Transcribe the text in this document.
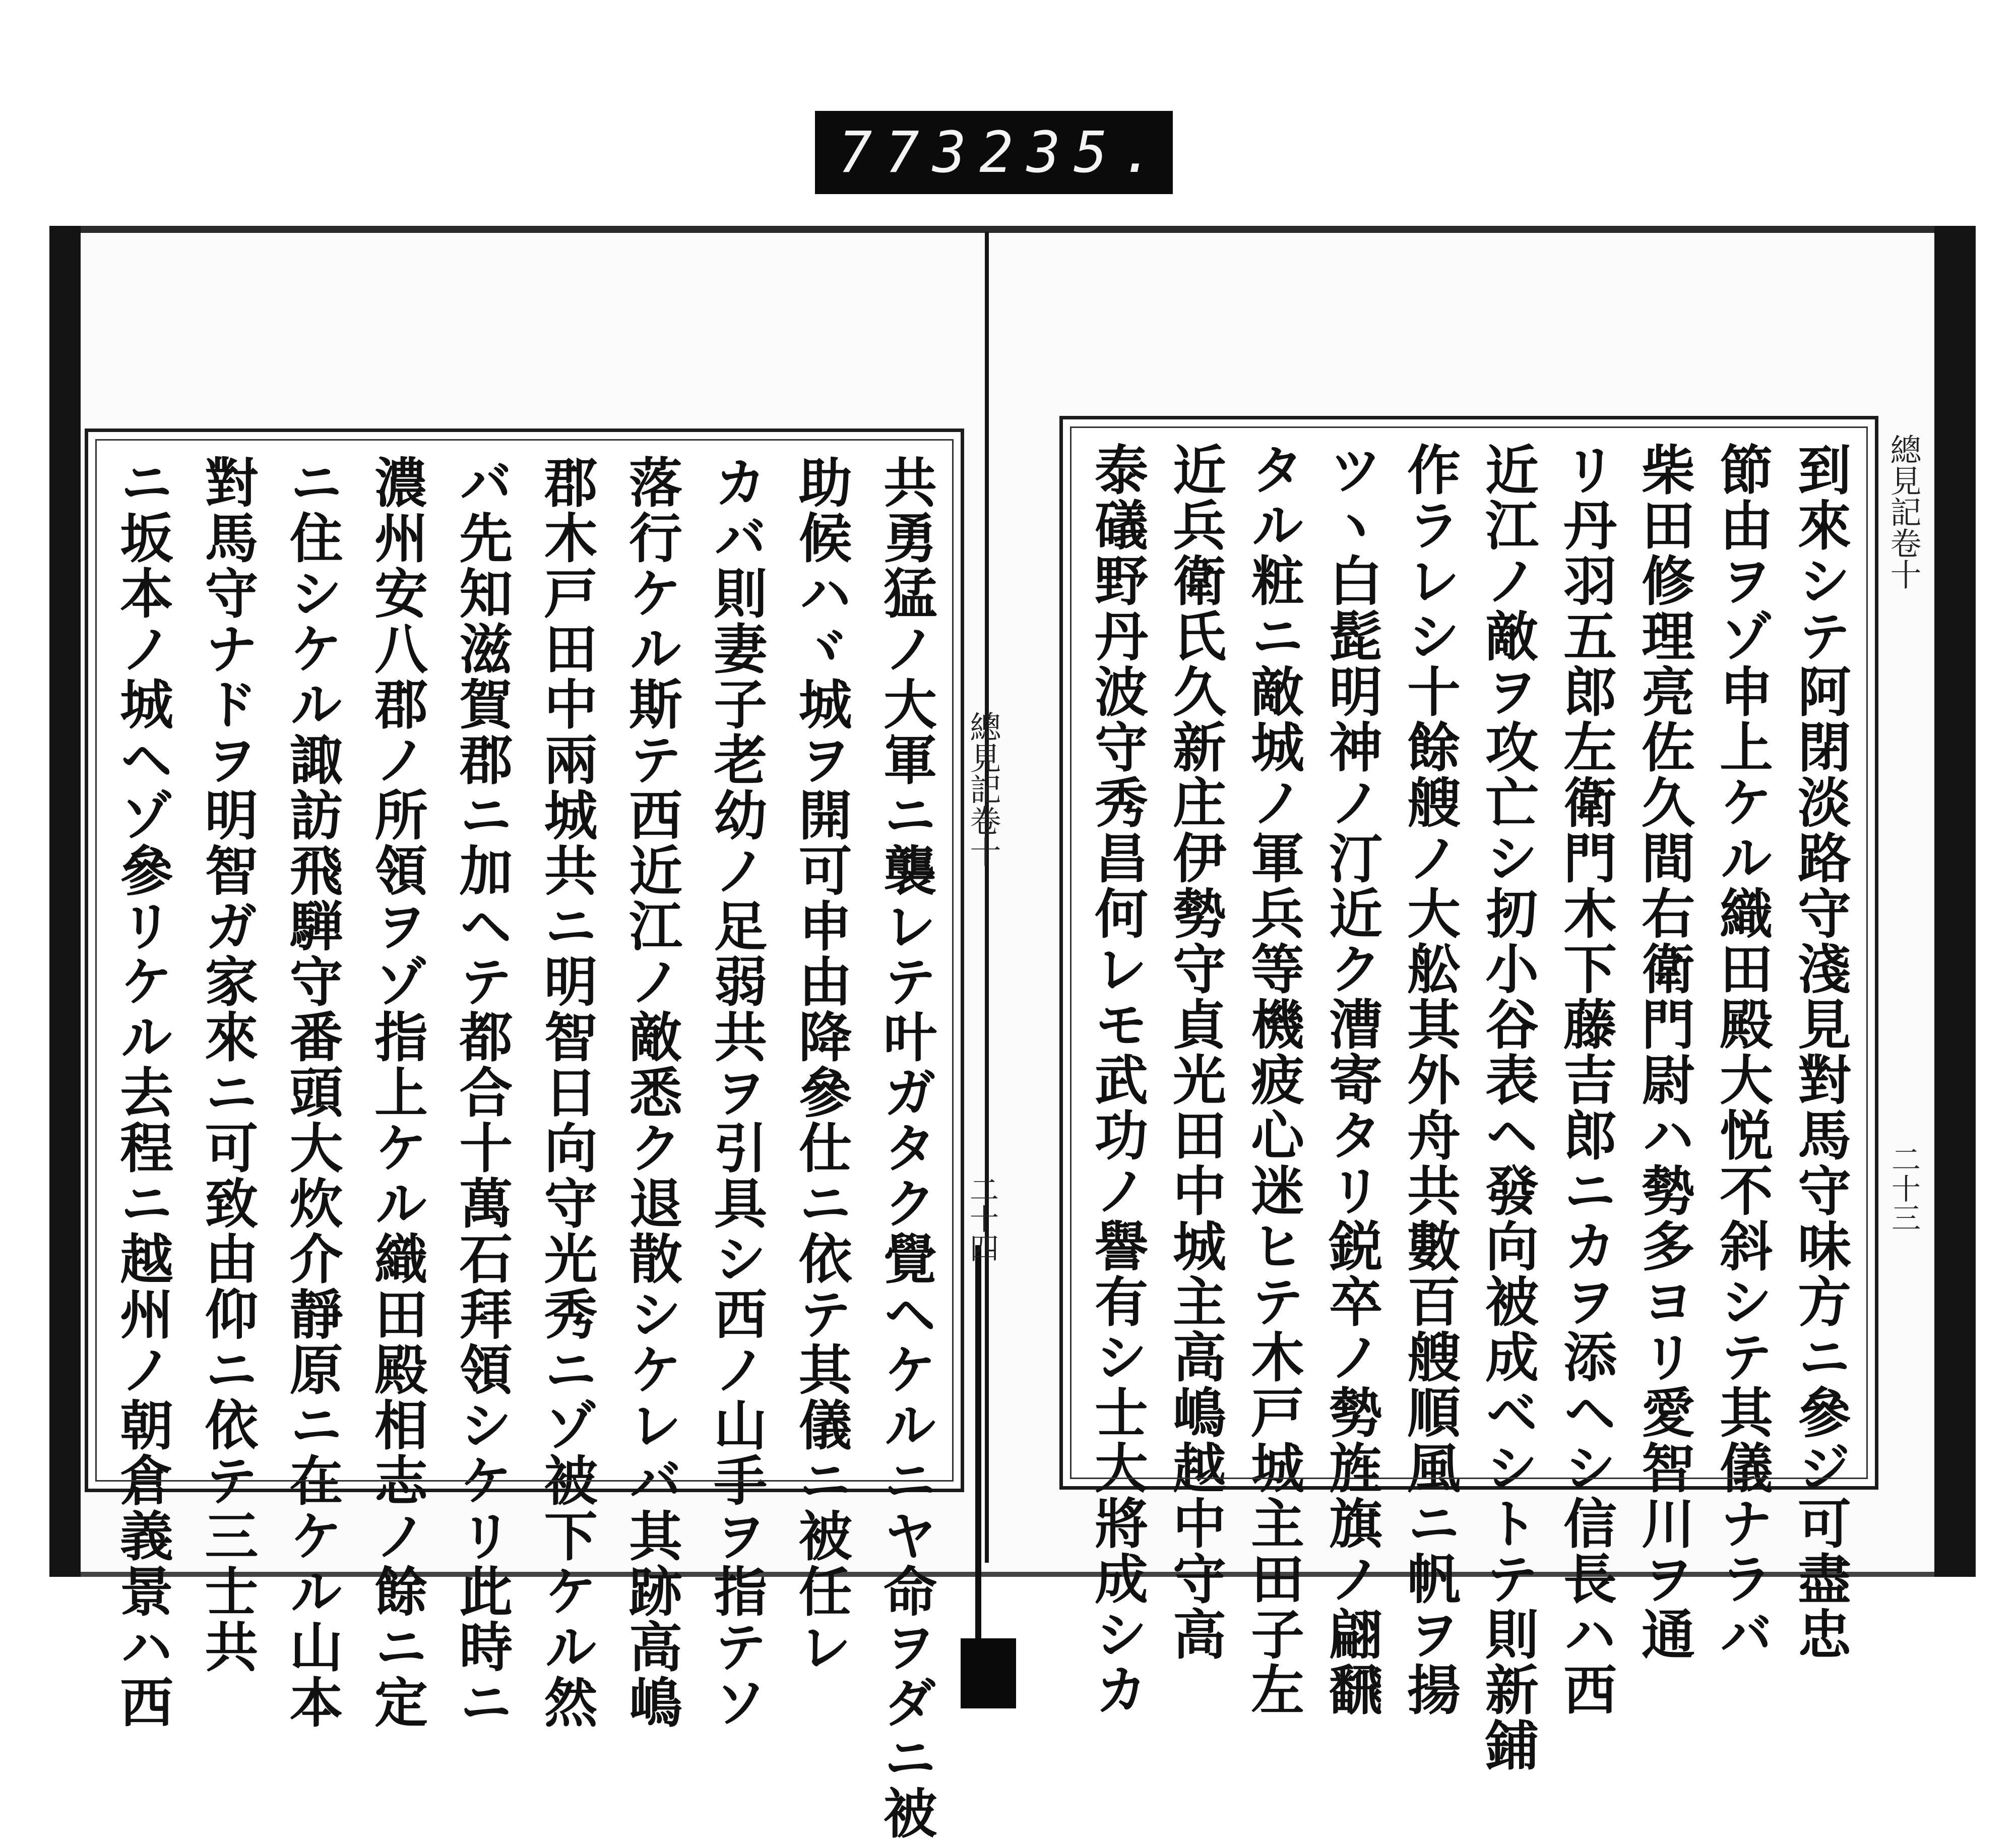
773 235.
共勇猛ノ大軍ニ襲レテ叶ガタク覺ヘケルニヤ命ヲダニ被
助候ハヾ城ヲ開可申由降參仕ニ依テ其儀ニ被任レ
カバ則妻子老幼ノ足弱共ヲ引具シ西ノ山手ヲ指テソ
落行ケル斯テ西近江ノ敵悉ク退散シケレバ其跡高嶋
郡木戸田中兩城共ニ明智日向守光秀ニゾ被下ケル然
バ先知滋賀郡ニ加ヘテ都合十萬石拜領シケリ此時ニ
濃州安八郡ノ所領ヲゾ指上ケル織田殿相志ノ餘ニ定
ニ住シケル諏訪飛騨守番頭大炊介靜原ニ在ケル山本
對馬守ナドヲ明智ガ家來ニ可致由仰ニ依テ三士共
ニ坂本ノ城ヘゾ參リケル去程ニ越州ノ朝倉義景ハ西	到來シテ阿閉淡路守淺見對馬守味方ニ參ジ可盡忠
節由ヲゾ申上ケル織田殿大悦不斜シテ其儀ナラバ
柴田修理亮佐久間右衛門尉ハ勢多ヨリ愛智川ヲ通
リ丹羽五郎左衛門木下藤吉郎ニカヲ添ヘシ信長ハ西
近江ノ敵ヲ攻亡シ扨小谷表ヘ發向被成ベシトテ則新鋪
作ラレシ十餘艘ノ大舩其外舟共數百艘順風ニ帆ヲ揚
ツヽ白髭明神ノ汀近ク漕寄タリ鋭卒ノ勢旌旗ノ翩飜
タル粧ニ敵城ノ軍兵等機疲心迷ヒテ木戸城主田子左
近兵衛氏久新庄伊勢守貞光田中城主高嶋越中守高
泰礒野丹波守秀昌何レモ武功ノ譽有シ士大將成シカ
總見記卷十
二十四
總見記卷十
二十三
